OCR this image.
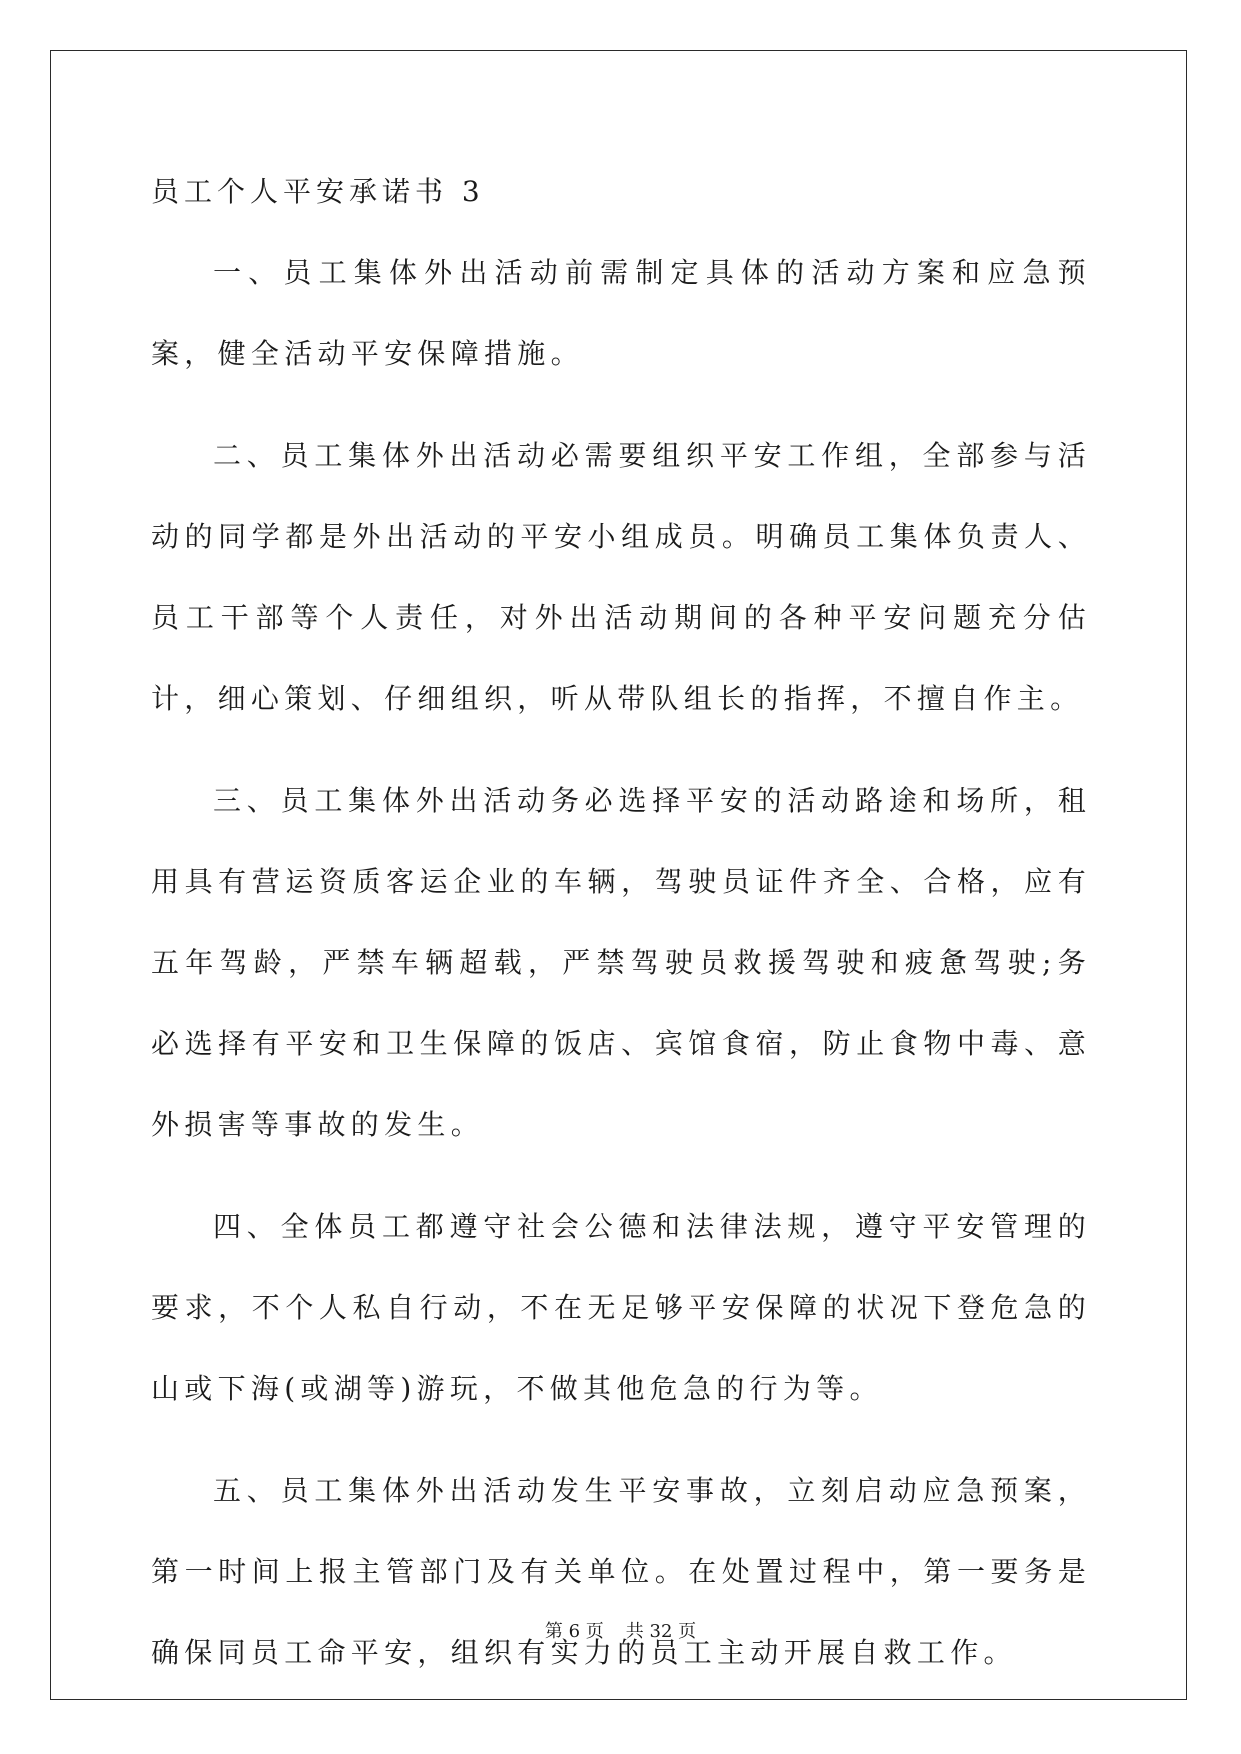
员工个人平安承诺书 3

一、员工集体外出活动前需制定具体的活动方案和应急预案，健全活动平安保障措施。

二、员工集体外出活动必需要组织平安工作组，全部参与活动的同学都是外出活动的平安小组成员。明确员工集体负责人、员工干部等个人责任，对外出活动期间的各种平安问题充分估计，细心策划、仔细组织，听从带队组长的指挥，不擅自作主。

三、员工集体外出活动务必选择平安的活动路途和场所，租用具有营运资质客运企业的车辆，驾驶员证件齐全、合格，应有五年驾龄，严禁车辆超载，严禁驾驶员救援驾驶和疲惫驾驶;务必选择有平安和卫生保障的饭店、宾馆食宿，防止食物中毒、意外损害等事故的发生。

四、全体员工都遵守社会公德和法律法规，遵守平安管理的要求，不个人私自行动，不在无足够平安保障的状况下登危急的山或下海(或湖等)游玩，不做其他危急的行为等。

五、员工集体外出活动发生平安事故，立刻启动应急预案，第一时间上报主管部门及有关单位。在处置过程中，第一要务是确保同员工命平安，组织有实力的员工主动开展自救工作。

第 6 页 共 32 页
